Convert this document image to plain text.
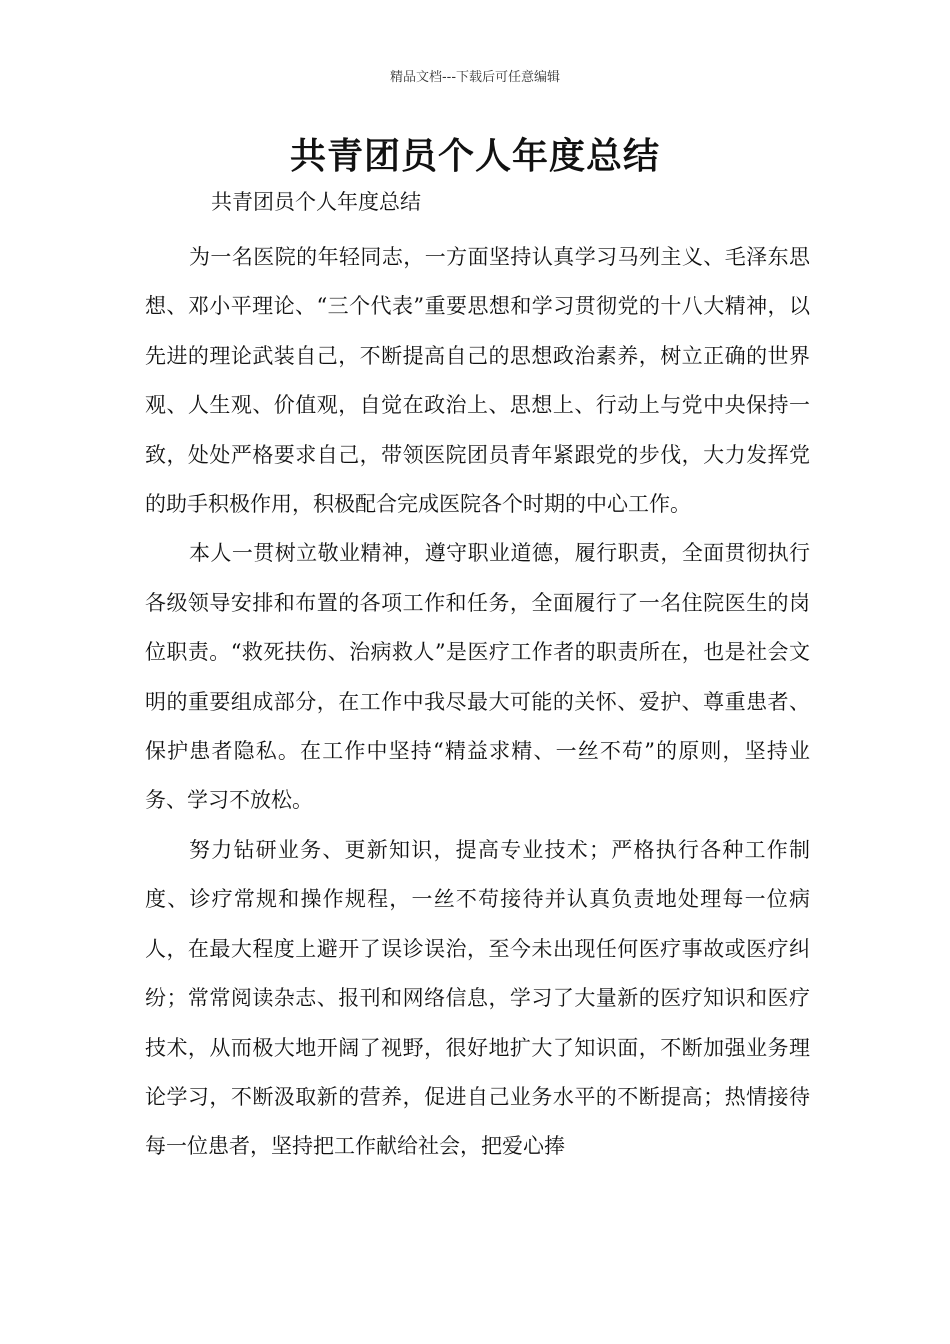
精品文档---下载后可任意编辑
共青团员个人年度总结
共青团员个人年度总结

为一名医院的年轻同志，一方面坚持认真学习马列主义、毛泽东思想、邓小平理论、“三个代表”重要思想和学习贯彻党的十八大精神，以先进的理论武装自己，不断提高自己的思想政治素养，树立正确的世界观、人生观、价值观，自觉在政治上、思想上、行动上与党中央保持一致，处处严格要求自己，带领医院团员青年紧跟党的步伐，大力发挥党的助手积极作用，积极配合完成医院各个时期的中心工作。

本人一贯树立敬业精神，遵守职业道德，履行职责，全面贯彻执行各级领导安排和布置的各项工作和任务，全面履行了一名住院医生的岗位职责。“救死扶伤、治病救人”是医疗工作者的职责所在，也是社会文明的重要组成部分，在工作中我尽最大可能的关怀、爱护、尊重患者、保护患者隐私。在工作中坚持“精益求精、一丝不苟”的原则，坚持业务、学习不放松。

努力钻研业务、更新知识，提高专业技术；严格执行各种工作制度、诊疗常规和操作规程，一丝不苟接待并认真负责地处理每一位病人，在最大程度上避开了误诊误治，至今未出现任何医疗事故或医疗纠纷；常常阅读杂志、报刊和网络信息，学习了大量新的医疗知识和医疗技术，从而极大地开阔了视野，很好地扩大了知识面，不断加强业务理论学习，不断汲取新的营养，促进自己业务水平的不断提高；热情接待每一位患者，坚持把工作献给社会，把爱心捧
